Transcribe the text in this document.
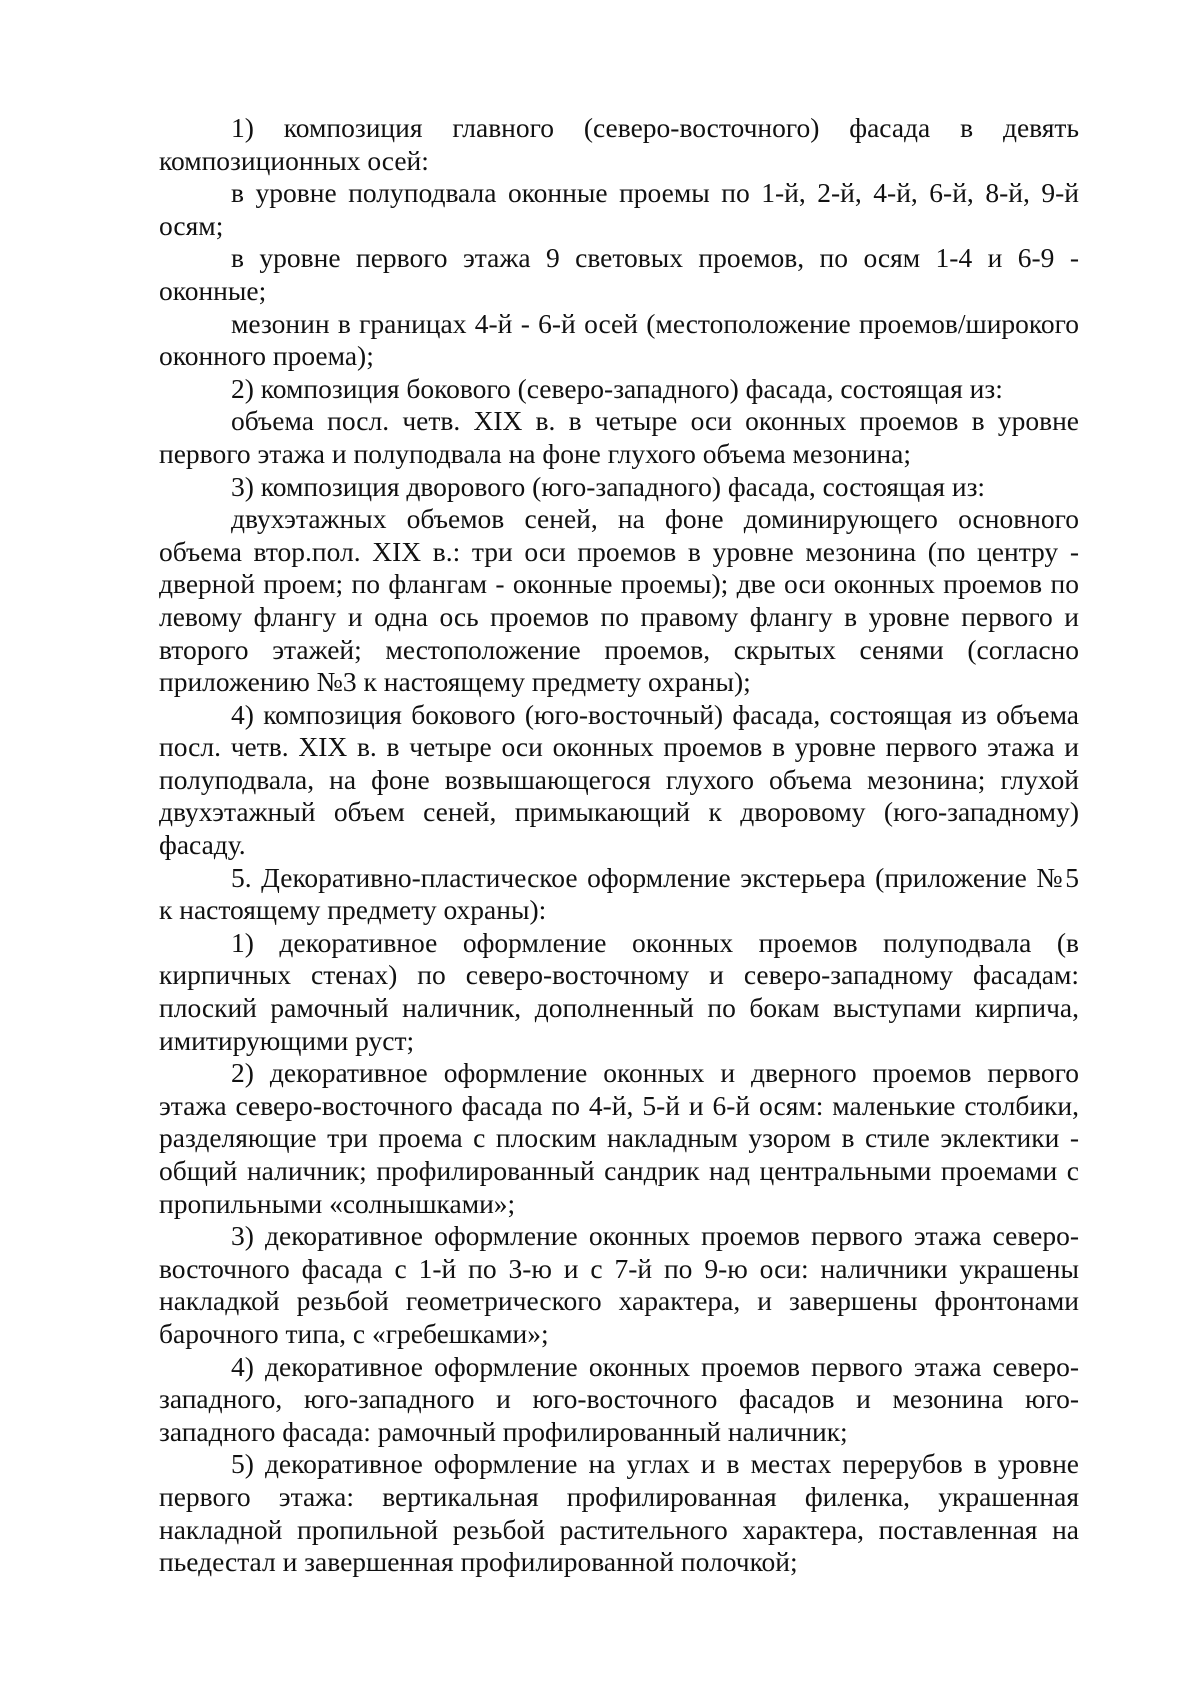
1) композиция главного (северо-восточного) фасада в девять композиционных осей:

в уровне полуподвала оконные проемы по 1-й, 2-й, 4-й, 6-й, 8-й, 9-й осям;

в уровне первого этажа 9 световых проемов, по осям 1-4 и 6-9 - оконные;

мезонин в границах 4-й - 6-й осей (местоположение проемов/широкого оконного проема);

2) композиция бокового (северо-западного) фасада, состоящая из:

объема посл. четв. XIX в. в четыре оси оконных проемов в уровне первого этажа и полуподвала на фоне глухого объема мезонина;

3) композиция дворового (юго-западного) фасада, состоящая из:

двухэтажных объемов сеней, на фоне доминирующего основного объема втор.пол. XIX в.: три оси проемов в уровне мезонина (по центру - дверной проем; по флангам - оконные проемы); две оси оконных проемов по левому флангу и одна ось проемов по правому флангу в уровне первого и второго этажей; местоположение проемов, скрытых сенями (согласно приложению №3 к настоящему предмету охраны);

4) композиция бокового (юго-восточный) фасада, состоящая из объема посл. четв. XIX в. в четыре оси оконных проемов в уровне первого этажа и полуподвала, на фоне возвышающегося глухого объема мезонина; глухой двухэтажный объем сеней, примыкающий к дворовому (юго-западному) фасаду.

5. Декоративно-пластическое оформление экстерьера (приложение №5 к настоящему предмету охраны):

1) декоративное оформление оконных проемов полуподвала (в кирпичных стенах) по северо-восточному и северо-западному фасадам: плоский рамочный наличник, дополненный по бокам выступами кирпича, имитирующими руст;

2) декоративное оформление оконных и дверного проемов первого этажа северо-восточного фасада по 4-й, 5-й и 6-й осям: маленькие столбики, разделяющие три проема с плоским накладным узором в стиле эклектики - общий наличник; профилированный сандрик над центральными проемами с пропильными «солнышками»;

3) декоративное оформление оконных проемов первого этажа северо-восточного фасада с 1-й по 3-ю и с 7-й по 9-ю оси: наличники украшены накладкой резьбой геометрического характера, и завершены фронтонами барочного типа, с «гребешками»;

4) декоративное оформление оконных проемов первого этажа северо-западного, юго-западного и юго-восточного фасадов и мезонина юго-западного фасада: рамочный профилированный наличник;

5) декоративное оформление на углах и в местах перерубов в уровне первого этажа: вертикальная профилированная филенка, украшенная накладной пропильной резьбой растительного характера, поставленная на пьедестал и завершенная профилированной полочкой;
